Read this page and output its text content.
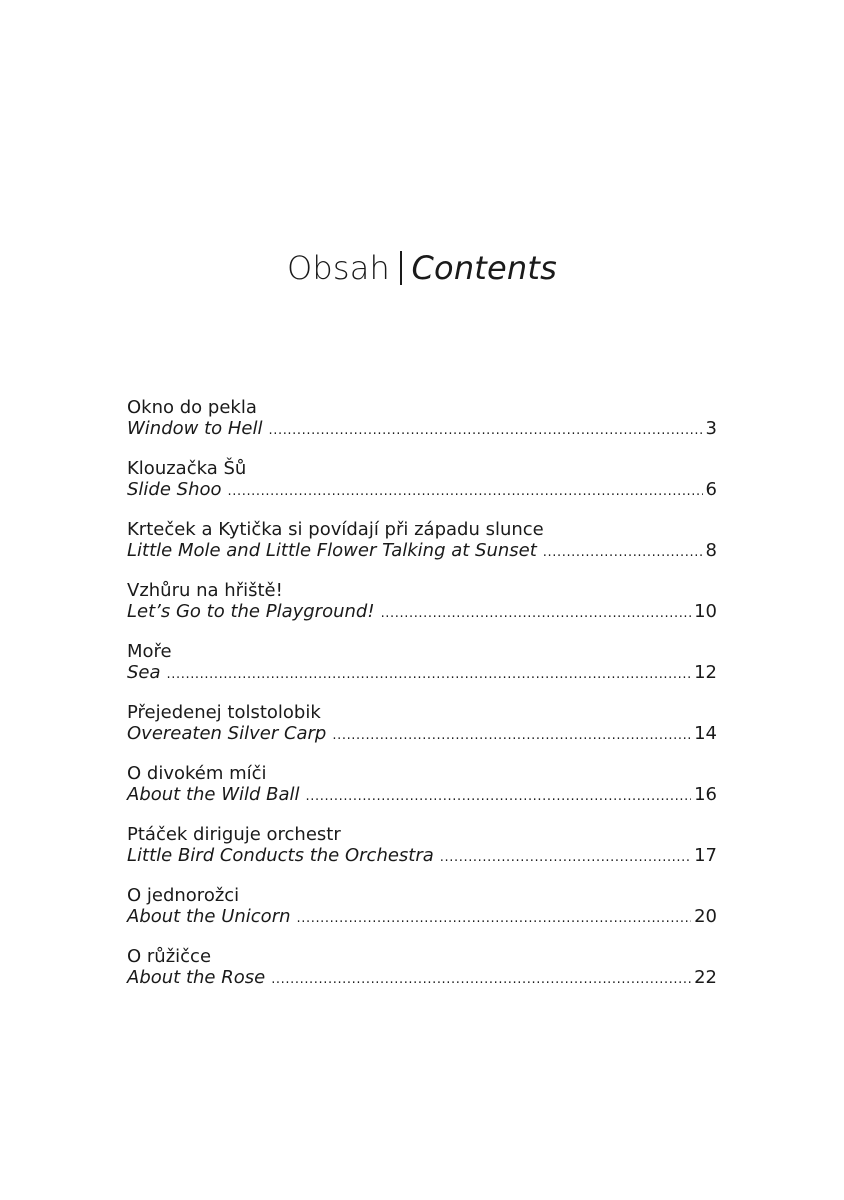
Obsah Contents
Okno do pekla
Window to Hell .....	3
Klouzačka Šů
Slide Shoo .....	6
Krteček a Kytička si povídají při západu slunce
Little Mole and Little Flower Talking at Sunset .....	8
Vzhůru na hřiště!
Let’s Go to the Playground! .....	10
Moře
Sea .....	12
Přejedenej tolstolobik
Overeaten Silver Carp .....	14
O divokém míči
About the Wild Ball .....	16
Ptáček diriguje orchestr
Little Bird Conducts the Orchestra .....	17
O jednorožci
About the Unicorn .....	20
O růžičce
About the Rose .....	22
